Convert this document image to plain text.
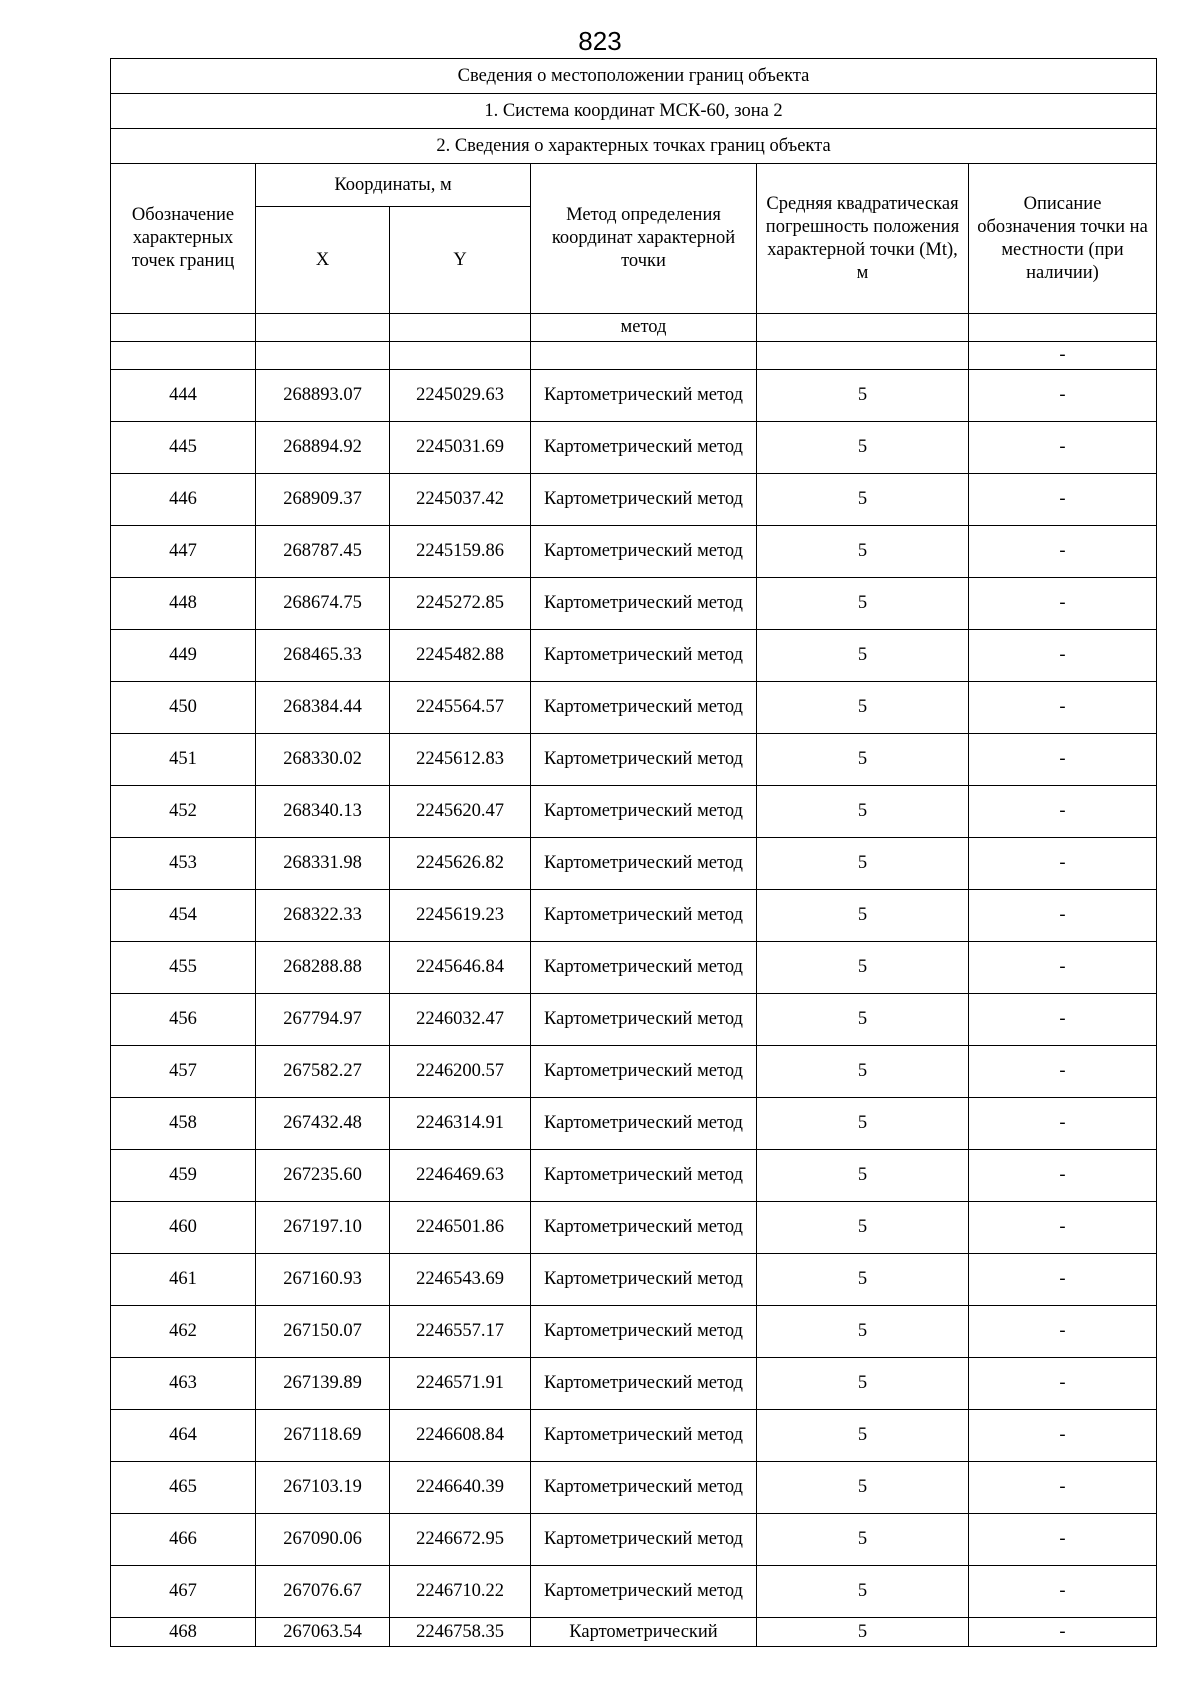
823
Сведения о местоположении границ объекта					
1. Система координат МСК-60, зона 2					
2. Сведения о характерных точках границ объекта					
Обозначение характерных точек границ	Координаты, м		Метод определения координат характерной точки	Средняя квадратическая погрешность положения характерной точки (Mt), м	Описание обозначения точки на местности (при наличии)
	X	Y			
			метод		
					-
444	268893.07	2245029.63	Картометрический метод	5	-
445	268894.92	2245031.69	Картометрический метод	5	-
446	268909.37	2245037.42	Картометрический метод	5	-
447	268787.45	2245159.86	Картометрический метод	5	-
448	268674.75	2245272.85	Картометрический метод	5	-
449	268465.33	2245482.88	Картометрический метод	5	-
450	268384.44	2245564.57	Картометрический метод	5	-
451	268330.02	2245612.83	Картометрический метод	5	-
452	268340.13	2245620.47	Картометрический метод	5	-
453	268331.98	2245626.82	Картометрический метод	5	-
454	268322.33	2245619.23	Картометрический метод	5	-
455	268288.88	2245646.84	Картометрический метод	5	-
456	267794.97	2246032.47	Картометрический метод	5	-
457	267582.27	2246200.57	Картометрический метод	5	-
458	267432.48	2246314.91	Картометрический метод	5	-
459	267235.60	2246469.63	Картометрический метод	5	-
460	267197.10	2246501.86	Картометрический метод	5	-
461	267160.93	2246543.69	Картометрический метод	5	-
462	267150.07	2246557.17	Картометрический метод	5	-
463	267139.89	2246571.91	Картометрический метод	5	-
464	267118.69	2246608.84	Картометрический метод	5	-
465	267103.19	2246640.39	Картометрический метод	5	-
466	267090.06	2246672.95	Картометрический метод	5	-
467	267076.67	2246710.22	Картометрический метод	5	-
468	267063.54	2246758.35	Картометрический	5	-
